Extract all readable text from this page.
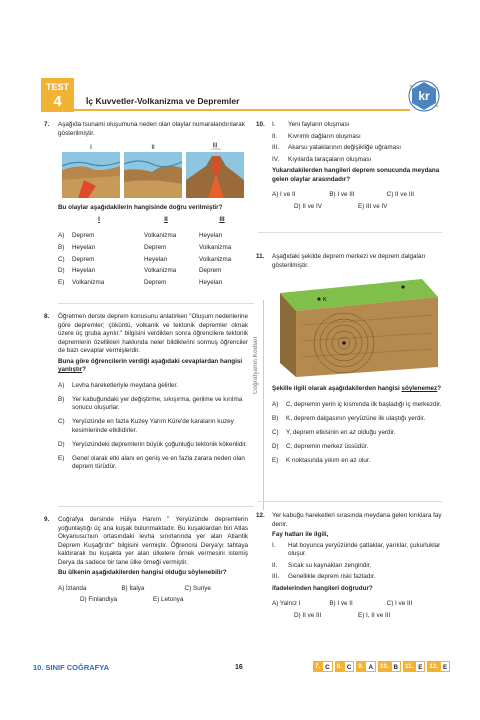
TEST
4	İç Kuvvetler-Volkanizma ve Depremler	kr
Coğrafyanın Kodları
7. Aşağıda tsunami oluşumuna neden olan olaylar numaralandırılarak gösterilmiştir.
I	II	III
Bu olaylar aşağıdakilerin hangisinde doğru verilmiştir?
I	II	III
A)	Deprem	Volkanizma	Heyelan
B)	Heyelan	Deprem	Volkanizma
C)	Deprem	Heyelan	Volkanizma
D)	Heyelan	Volkanizma	Deprem
E)	Volkanizma	Deprem	Heyelan
8. Öğretmen derste deprem konusunu anlatırken "Oluşum nedenlerine göre depremler; çöküntü, volkanik ve tektonik depremler olmak üzere üç gruba ayrılır." bilgisini verdikten sonra öğrencilere tektonik depremlerin özellikleri hakkında neler bildiklerini sormuş öğrenciler de bazı cevaplar vermişlerdir.
Buna göre öğrencilerin verdiği aşağıdaki cevaplardan hangisi yanlıştır?
A)	Levha hareketleriyle meydana gelirler.
B)	Yer kabuğundaki yer değiştirme, sıkışırma, gerilme ve kırılma sonucu oluşurlar.
C)	Yeryüzünde en fazla Kuzey Yarım Küre'de karaların kuzey kesimlerinde etkilidirler.
D)	Yeryüzündeki depremlerin büyük çoğunluğu tektonik kökenlidir.
E)	Genel olarak etki alanı en geniş ve en fazla zarara neden olan deprem türüdür.
9. Coğrafya dersinde Hülya Hanım " Yeryüzünde depremlerin yoğunlaştığı üç ana kuşak bulunmaktadır. Bu kuşaklardan biri Atlas Okyanusu'nun ortasındaki levha sınırlarında yer alan Atlantik Deprem Kuşağı'dır" bilgisini vermiştir. Öğrencisi Derya'yı tahtaya kaldırarak bu kuşakta yer alan ülkelere örnek vermesini istemiş Derya da sadece bir tane ülke örneği vermiştir.
Bu ülkenin aşağıdakilerden hangisi olduğu söylenebilir?
A) İzlanda	B) İtalya	C) Suriye
D) Finlandiya	E) Letonya
10. I.	Yeni fayların oluşması
II.	Kıvrımlı dağların oluşması
III.	Akarsu yataklarının değişikliğe uğraması
IV.	Kıyılarda taraçaların oluşması
Yukarıdakilerden hangileri deprem sonucunda meydana gelen olaylar arasındadır?
A) I ve II	B) I ve III	C) II ve III
D) II ve IV	E) III ve IV
11. Aşağıdaki şekilde deprem merkezi ve deprem dalgaları gösterilmiştir.
K
Şekille ilgili olarak aşağıdakilerden hangisi söylenemez?
A)	C, depremin yerin iç kısmında ilk başladığı iç merkezdir.
B)	K, deprem dalgasının yeryüzüne ilk ulaştığı yerdir.
C)	Y, deprem etkisinin en az olduğu yerdir.
D)	C, depremin merkez üssüdür.
E)	K noktasında yıkım en az olur.
12. Yer kabuğu hareketleri sırasında meydana gelen kırıklara fay denir.
Fay hatları ile ilgili,
I.	Hat boyunca yeryüzünde çatlaklar, yarıklar, çukurluklar oluşur.
II.	Sıcak su kaynakları zengindir.
III.	Genellikle deprem riski fazladır.
ifadelerinden hangileri doğrudur?
A) Yalnız I	B) I ve II	C) I ve III
D) II ve III	E) I, II ve III
10. SINIF COĞRAFYA	16	7. C	8. C	9. A	10. B	11. E	12. E
